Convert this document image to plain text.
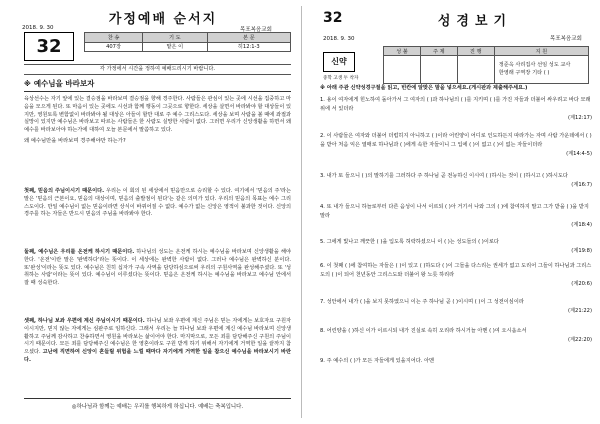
가정예배 순서지
2018. 9. 30	목포복음교회
32	찬 송	기 도	본 문
407장	맡은 이	히12:1-3
각 가정에서 시간을 정하여 예배드리시기 바랍니다.
※ 예수님을 바라보자
육상선수는 자기 앞에 있는 결승점을 바라보며 결승점을 향해 경주한다. 사람들은 관심이 있는 곳에 시선을 집중하고 마음을 모으게 된다. 또 마음이 있는 곳에도 시선과 함께 행동이 그곳으로 향한다. 세상을 살면서 바라봐야 할 대상들이 있지만, 영원토록 변함없이 바라봐야 될 대상은 아들이 할만 대로 주 예수 그리스도다. 세상을 보며 사람을 볼 때에 좌절과 실망이 있지만 예수님은 바라보고 따르는 사람들은 한 사람도 실망한 사람이 없다. 그러면 우리가 신앙생활을 하면서 왜 예수를 바라보아야 하는가에 대하여 오늘 본문에서 말씀하고 있다.
왜 예수님만을 바라보며 경주해야만 하는가?
첫째, 믿음의 주님이시기 때문이다. 우리는 이 회의 된 세상에서 믿음만으로 승리할 수 있다. 여기에서 '믿음의 주'라는 말은 '믿음의 근본이요, 믿음의 대상이며, 믿음의 출발점이 된다'는 같은 의미가 있다. 우리의 믿음의 목표는 예수 그리스도이다. 만일 예수님이 없는 믿음이라면 상식이 바뀌어질 수 없다. 예수가 없는 신앙은 영적이 불과한 것이다. 신앙의 경주를 하는 자들은 반드시 믿음의 주님을 바라봐야 한다.
둘째, 예수님은 우리를 온전케 하시기 때문이다. 하나님의 성도는 온전케 하시는 예수님을 바라보며 신앙생활을 해야 한다. '온전'이란 말은 '완벽하다'라는 뜻이다. 이 세상에는 완벽한 사람이 없다. 그러나 예수님은 완벽하신 분이다. 또'완성'이라는 뜻도 있다. 예수님은 친히 십자가 구속 사역을 담당하심으로써 우리의 구원사역을 완성해주셨다. 또 '성취하는 사람'이라는 뜻이 있다. 예수님이 이루셨다는 뜻이다. 믿음은 온전케 하시는 예수님을 바라보고 예수님 안에서 잘 때 성숙한다.
셋째, 하나님 보좌 우편에 계신 주님이시기 때문이다. 하나님 보좌 우편에 계신 주님은 믿는 자에게는 보호자요 구원자이시지만, 믿지 않는 자에게는 심판주로 임하신다. 그래서 우리는 늘 하나님 보좌 우편에 계신 예수님 바라보며 신앙생활하고 주님께 감사하고 찬송하면서 영원을 바라보는 삶이어야 한다. 마지막으로, 모든 죄를 담당해주신 구원의 주님이시기 때문이다. 모든 죄를 담당해주신 예수님은 한 영혼이라도 구원 받게 하기 위해서 자기에게 거역한 일을 끝까지 참으셨다. 고난에 직면하여 신앙이 흔들릴 위험을 느낄 때마다 자기에게 거역한 일을 참으신 예수님을 바라보시기 바란다.
◎하나님과 함께는 예배는 우리를 행복하게 하십니다. 예배는 축복입니다.
32	성경보기
2018. 9. 30	목포복음교회
성 불	주 제	진 행	지 원
			정준옥 사리집사 선임 성도 교사
한영래 구역장 기타 ( )
신약
중학 고생 두 착자
※ 아래 주관 신약성경구절을 읽고, 빈칸에 알맞은 말을 넣으세요.(게시판과 제출해주세요.)
1. 용이 여자에게 힌노하여 돌아가서 그 여자의 ( )과 하나님의 ( )를 지키며 ( )를 가진 자들과 더불어 싸우려고 바다 모래위에 서 있더라
(계12:17)
2. 이 사람들은 여자와 더불어 더럽히지 아니하고 ( )이라 어린양이 어디로 인도하든지 따라가는 자며 사람 가운데에서 ( )을 받아 처음 익은 열매로 하나님과 ( )에게 속한 자들이니 그 입에 ( )이 없고 ( )이 없는 자들이더라
(계14:4-5)
3. 내가 또 들으니 ( )의 말하기를 그러하다 주 하나님 곧 전능하신 이시여 ( )하시는 것이 ( )하시고 ( )하시도다
(계16:7)
4. 또 내가 들으니 하늘로부터 다른 음성이 나서 이르되 ( )아 거기서 나와 그의 ( )에 참여하지 말고 그가 받을 ( )을 받지 말라
(계18:4)
5. 그에게 빛나고 깨끗한 ( )을 입도록 허락하셨으니 이 ( )는 성도들의 ( )이로다
(계19:8)
6. 이 첫째 ( )에 참여하는 자들은 ( )이 있고 ( )하도다 ( )이 그들을 다스리는 권세가 없고 도리어 그들이 하나님과 그리스도의 ( )이 되어 천년동안 그리스도와 더불어 왕 노릇 하리라
(계20:6)
7. 성안에서 내가 ( )을 보지 못하였으니 이는 주 하나님 곧 ( )이시며 ( )이 그 성전이심이라
(계21:22)
8. 어린양을 ( )하신 이가 이르시되 내가 진실로 속히 오리라 하시거늘 아멘 ( )여 오시옵소서
(계22:20)
9. 주 예수의 ( )가 모든 자들에게 있을지어다. 아멘
